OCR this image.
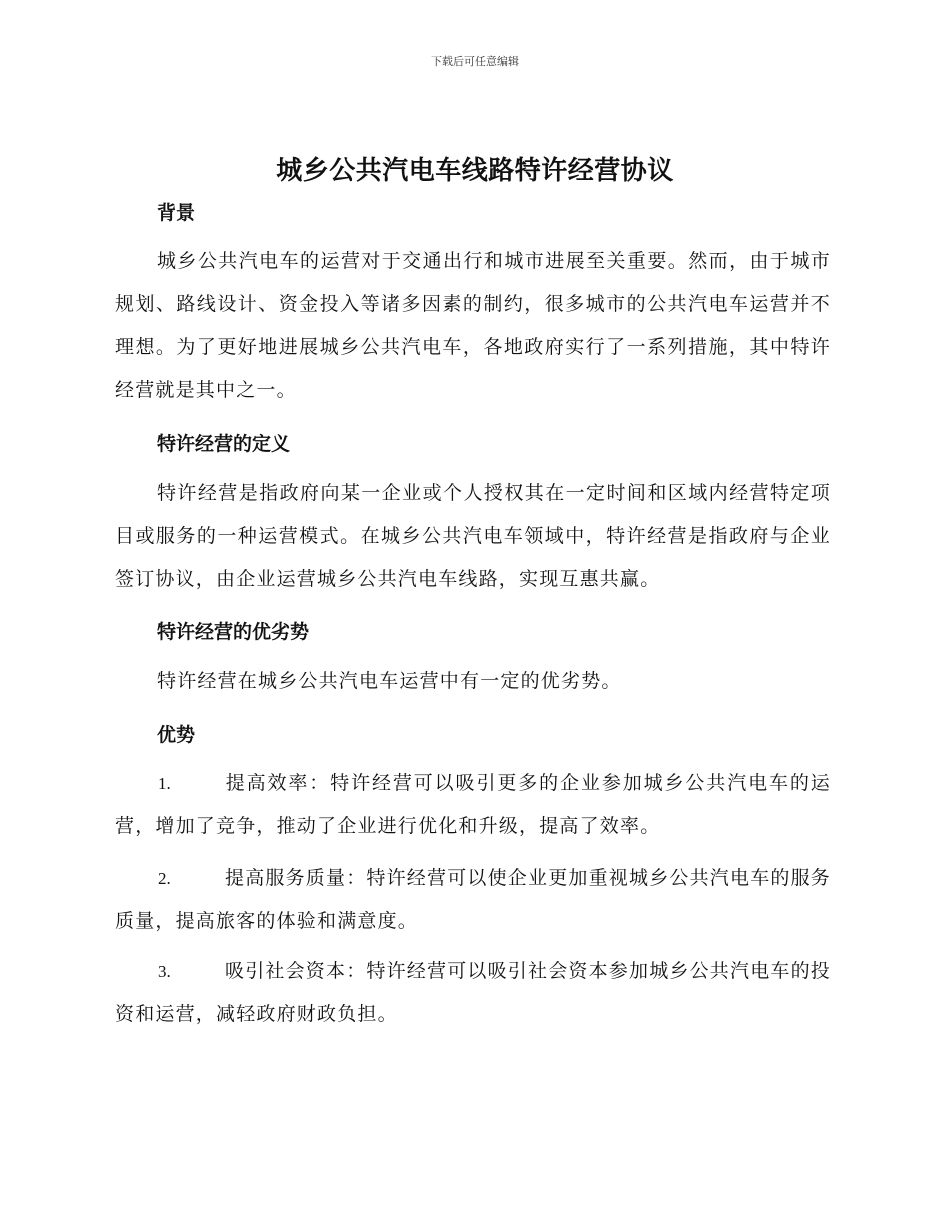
下载后可任意编辑
城乡公共汽电车线路特许经营协议
背景
城乡公共汽电车的运营对于交通出行和城市进展至关重要。然而，由于城市规划、路线设计、资金投入等诸多因素的制约，很多城市的公共汽电车运营并不理想。为了更好地进展城乡公共汽电车，各地政府实行了一系列措施，其中特许经营就是其中之一。
特许经营的定义
特许经营是指政府向某一企业或个人授权其在一定时间和区域内经营特定项目或服务的一种运营模式。在城乡公共汽电车领域中，特许经营是指政府与企业签订协议，由企业运营城乡公共汽电车线路，实现互惠共赢。
特许经营的优劣势
特许经营在城乡公共汽电车运营中有一定的优劣势。
优势
1.	提高效率：特许经营可以吸引更多的企业参加城乡公共汽电车的运营，增加了竞争，推动了企业进行优化和升级，提高了效率。
2.	提高服务质量：特许经营可以使企业更加重视城乡公共汽电车的服务质量，提高旅客的体验和满意度。
3.	吸引社会资本：特许经营可以吸引社会资本参加城乡公共汽电车的投资和运营，减轻政府财政负担。
